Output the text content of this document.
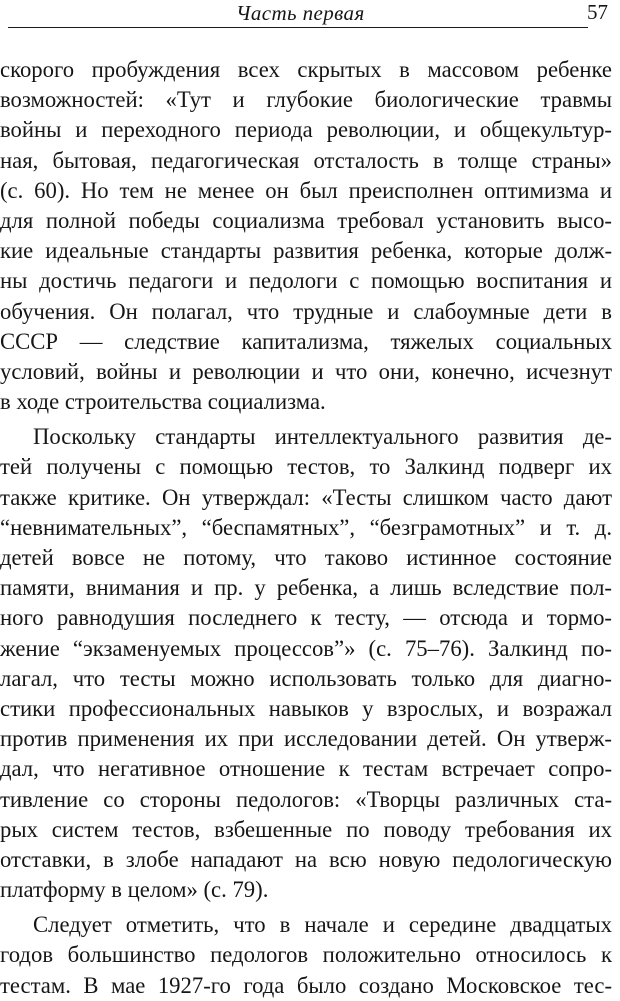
Часть первая	57
скорого пробуждения всех скрытых в массовом ребенке
возможностей: «Тут и глубокие биологические травмы
войны и переходного периода революции, и общекультур-
ная, бытовая, педагогическая отсталость в толще страны»
(с. 60). Но тем не менее он был преисполнен оптимизма и
для полной победы социализма требовал установить высо-
кие идеальные стандарты развития ребенка, которые долж-
ны достичь педагоги и педологи с помощью воспитания и
обучения. Он полагал, что трудные и слабоумные дети в
СССР — следствие капитализма, тяжелых социальных
условий, войны и революции и что они, конечно, исчезнут
в ходе строительства социализма.
Поскольку стандарты интеллектуального развития де-
тей получены с помощью тестов, то Залкинд подверг их
также критике. Он утверждал: «Тесты слишком часто дают
“невнимательных”, “беспамятных”, “безграмотных” и т. д.
детей вовсе не потому, что таково истинное состояние
памяти, внимания и пр. у ребенка, а лишь вследствие пол-
ного равнодушия последнего к тесту, — отсюда и тормо-
жение “экзаменуемых процессов”» (с. 75–76). Залкинд по-
лагал, что тесты можно использовать только для диагно-
стики профессиональных навыков у взрослых, и возражал
против применения их при исследовании детей. Он утверж-
дал, что негативное отношение к тестам встречает сопро-
тивление со стороны педологов: «Творцы различных ста-
рых систем тестов, взбешенные по поводу требования их
отставки, в злобе нападают на всю новую педологическую
платформу в целом» (с. 79).
Следует отметить, что в начале и середине двадцатых
годов большинство педологов положительно относилось к
тестам. В мае 1927-го года было создано Московское тес-
